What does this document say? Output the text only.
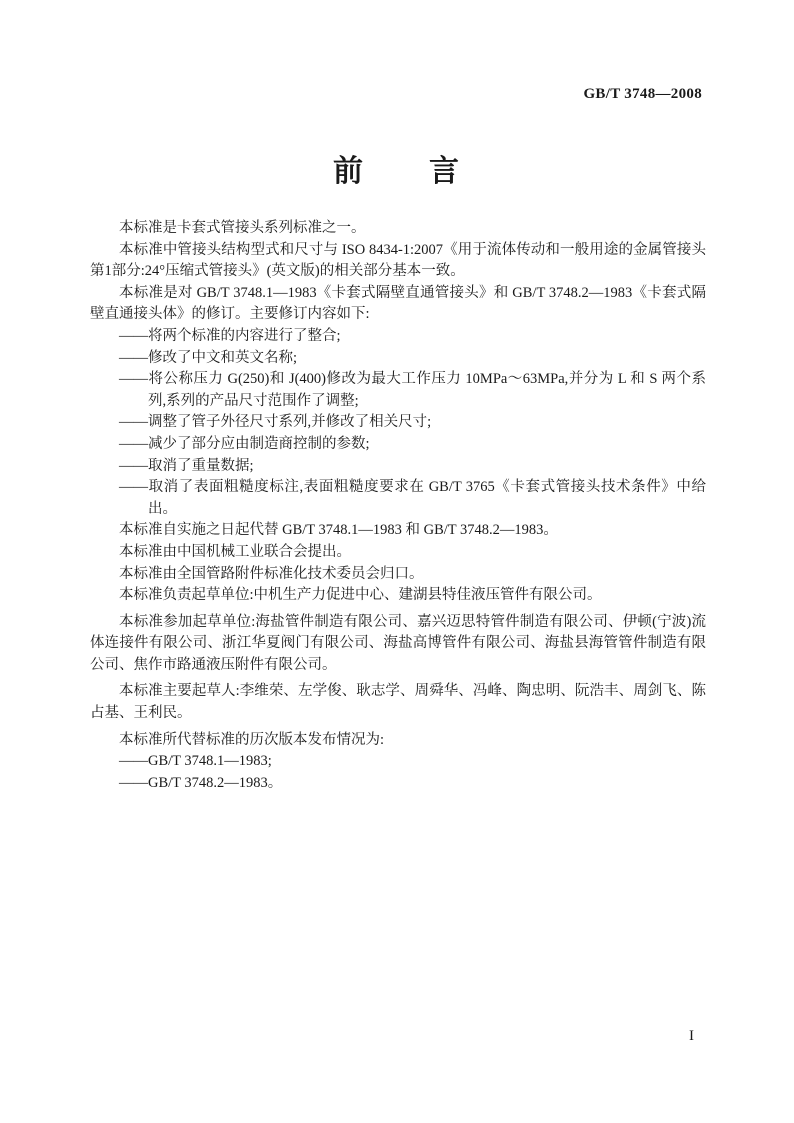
GB/T 3748—2008
前　　言

本标准是卡套式管接头系列标准之一。

本标准中管接头结构型式和尺寸与 ISO 8434-1:2007《用于流体传动和一般用途的金属管接头　第1部分:24°压缩式管接头》(英文版)的相关部分基本一致。

本标准是对 GB/T 3748.1—1983《卡套式隔壁直通管接头》和 GB/T 3748.2—1983《卡套式隔壁直通接头体》的修订。主要修订内容如下:

——将两个标准的内容进行了整合;

——修改了中文和英文名称;

——将公称压力 G(250)和 J(400)修改为最大工作压力 10MPa～63MPa,并分为 L 和 S 两个系列,系列的产品尺寸范围作了调整;

——调整了管子外径尺寸系列,并修改了相关尺寸;

——减少了部分应由制造商控制的参数;

——取消了重量数据;

——取消了表面粗糙度标注,表面粗糙度要求在 GB/T 3765《卡套式管接头技术条件》中给出。

本标准自实施之日起代替 GB/T 3748.1—1983 和 GB/T 3748.2—1983。

本标准由中国机械工业联合会提出。

本标准由全国管路附件标准化技术委员会归口。

本标准负责起草单位:中机生产力促进中心、建湖县特佳液压管件有限公司。

本标准参加起草单位:海盐管件制造有限公司、嘉兴迈思特管件制造有限公司、伊顿(宁波)流体连接件有限公司、浙江华夏阀门有限公司、海盐高博管件有限公司、海盐县海管管件制造有限公司、焦作市路通液压附件有限公司。

本标准主要起草人:李维荣、左学俊、耿志学、周舜华、冯峰、陶忠明、阮浩丰、周剑飞、陈占基、王利民。

本标准所代替标准的历次版本发布情况为:

——GB/T 3748.1—1983;

——GB/T 3748.2—1983。

I
